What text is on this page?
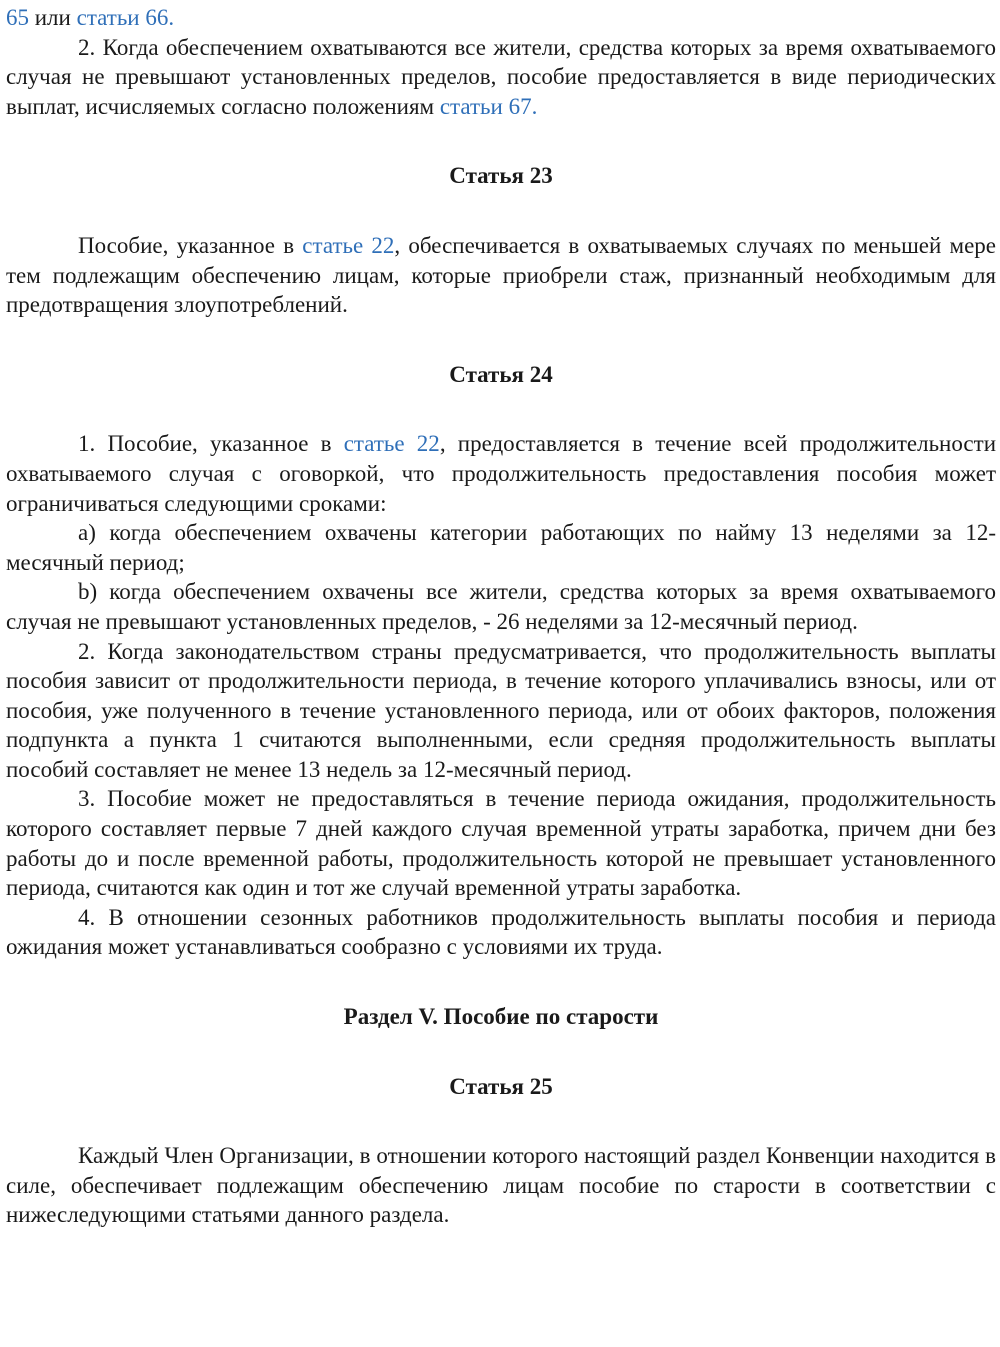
65 или статьи 66.

2. Когда обеспечением охватываются все жители, средства которых за время охватываемого случая не превышают установленных пределов, пособие предоставляется в виде периодических выплат, исчисляемых согласно положениям статьи 67.

Статья 23

Пособие, указанное в статье 22, обеспечивается в охватываемых случаях по меньшей мере тем подлежащим обеспечению лицам, которые приобрели стаж, признанный необходимым для предотвращения злоупотреблений.

Статья 24

1. Пособие, указанное в статье 22, предоставляется в течение всей продолжительности охватываемого случая с оговоркой, что продолжительность предоставления пособия может ограничиваться следующими сроками:

a) когда обеспечением охвачены категории работающих по найму 13 неделями за 12-месячный период;

b) когда обеспечением охвачены все жители, средства которых за время охватываемого случая не превышают установленных пределов, - 26 неделями за 12-месячный период.

2. Когда законодательством страны предусматривается, что продолжительность выплаты пособия зависит от продолжительности периода, в течение которого уплачивались взносы, или от пособия, уже полученного в течение установленного периода, или от обоих факторов, положения подпункта a пункта 1 считаются выполненными, если средняя продолжительность выплаты пособий составляет не менее 13 недель за 12-месячный период.

3. Пособие может не предоставляться в течение периода ожидания, продолжительность которого составляет первые 7 дней каждого случая временной утраты заработка, причем дни без работы до и после временной работы, продолжительность которой не превышает установленного периода, считаются как один и тот же случай временной утраты заработка.

4. В отношении сезонных работников продолжительность выплаты пособия и периода ожидания может устанавливаться сообразно с условиями их труда.

Раздел V. Пособие по старости

Статья 25

Каждый Член Организации, в отношении которого настоящий раздел Конвенции находится в силе, обеспечивает подлежащим обеспечению лицам пособие по старости в соответствии с нижеследующими статьями данного раздела.
